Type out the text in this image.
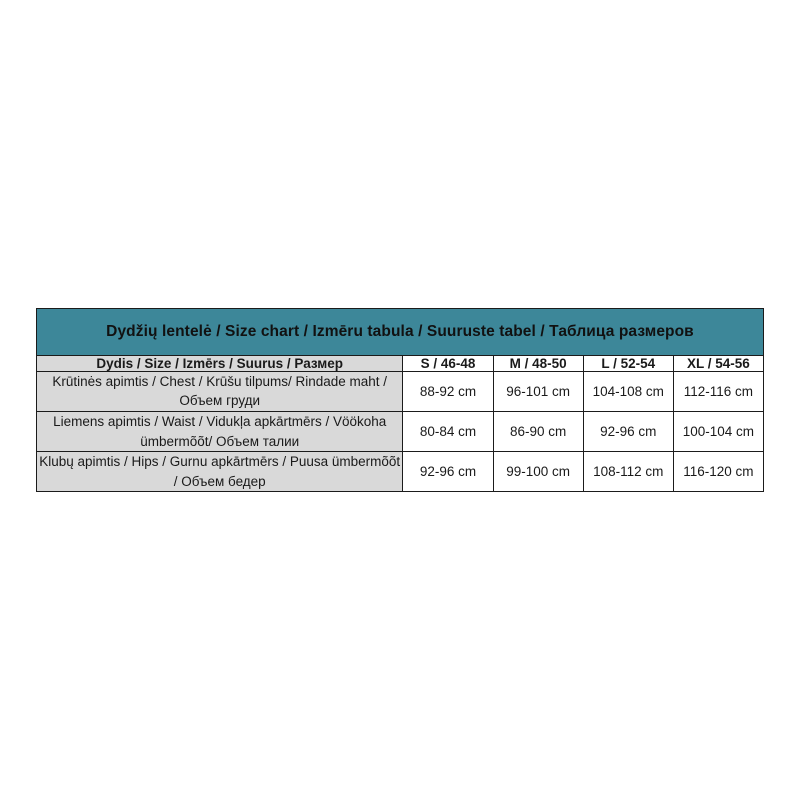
Dydžių lentelė / Size chart / Izmēru tabula / Suuruste tabel / Таблица размеров				
Dydis / Size / Izmērs / Suurus / Размер	S / 46-48	M / 48-50	L / 52-54	XL / 54-56
Krūtinės apimtis / Chest / Krūšu tilpums/ Rindade maht / Объем груди	88-92 cm	96-101 cm	104-108 cm	112-116 cm
Liemens apimtis / Waist / Vidukļa apkārtmērs / Vöökoha ümbermõõt/ Объем талии	80-84 cm	86-90 cm	92-96 cm	100-104 cm
Klubų apimtis / Hips / Gurnu apkārtmērs / Puusa ümbermõõt / Объем бедер	92-96 cm	99-100 cm	108-112 cm	116-120 cm
